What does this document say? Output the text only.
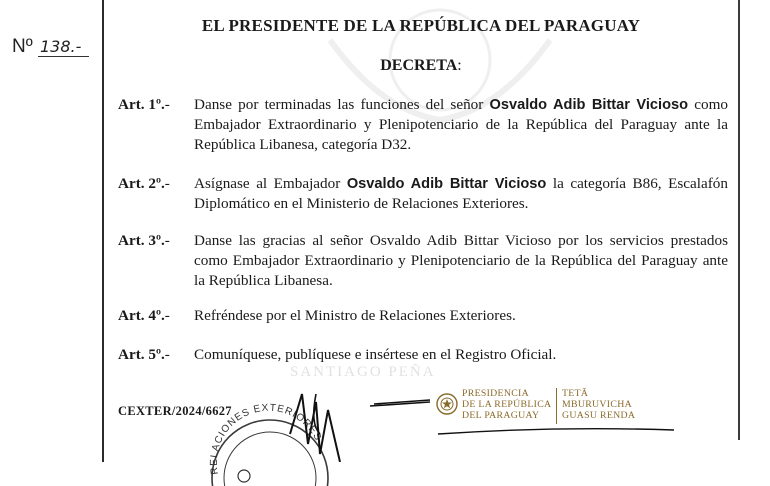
Nº 138.-
EL PRESIDENTE DE LA REPÚBLICA DEL PARAGUAY
DECRETA:
Art. 1º.- Danse por terminadas las funciones del señor Osvaldo Adib Bittar Vicioso como Embajador Extraordinario y Plenipotenciario de la República del Paraguay ante la República Libanesa, categoría D32.
Art. 2º.- Asígnase al Embajador Osvaldo Adib Bittar Vicioso la categoría B86, Escalafón Diplomático en el Ministerio de Relaciones Exteriores.
Art. 3º.- Danse las gracias al señor Osvaldo Adib Bittar Vicioso por los servicios prestados como Embajador Extraordinario y Plenipotenciario de la República del Paraguay ante la República Libanesa.
Art. 4º.- Refréndese por el Ministro de Relaciones Exteriores.
Art. 5º.- Comuníquese, publíquese e insértese en el Registro Oficial.
SANTIAGO PEÑA
CEXTER/2024/6627
RELACIONES EXTERIORES
PRESIDENCIA
DE LA REPÚBLICA
DEL PARAGUAY
TETÃ
MBURUVICHA
GUASU RENDA
